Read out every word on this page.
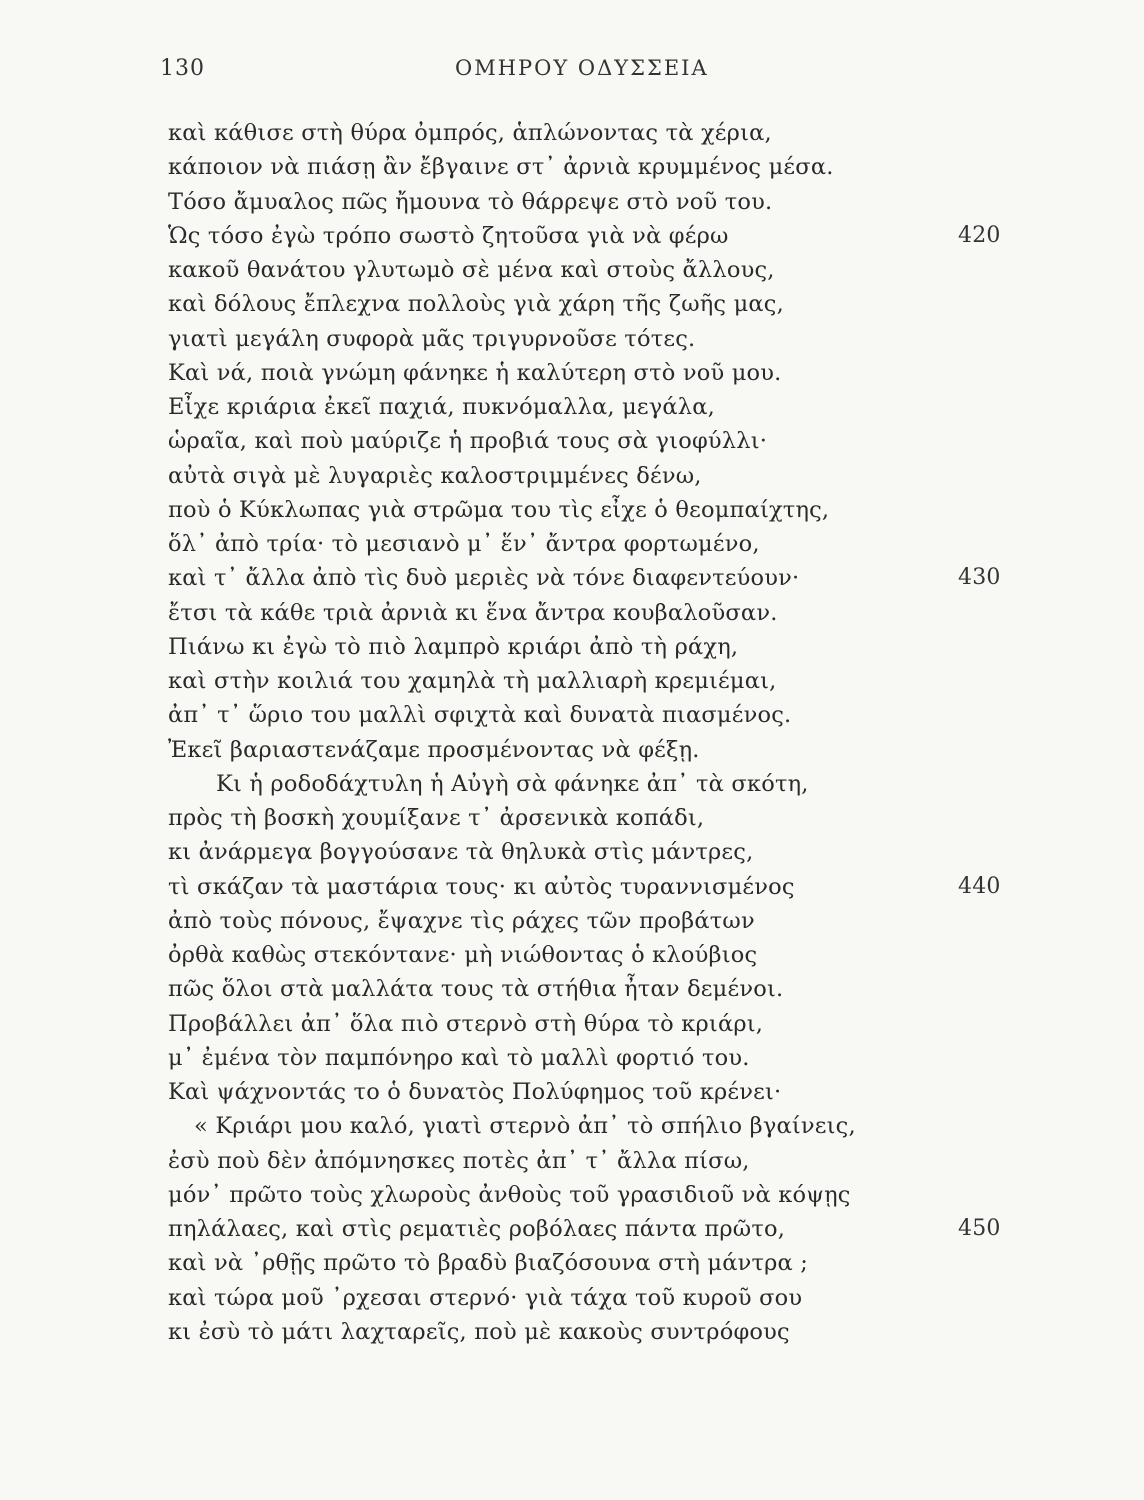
130	ΟΜΗΡΟΥ ΟΔΥΣΣΕΙΑ
καὶ κάθισε στὴ θύρα ὀμπρός, ἁπλώνοντας τὰ χέρια,
κάποιον νὰ πιάσῃ ἂν ἔβγαινε στ᾿ ἀρνιὰ κρυμμένος μέσα.
Τόσο ἄμυαλος πῶς ἤμουνα τὸ θάρρεψε στὸ νοῦ του.
Ὡς τόσο ἐγὼ τρόπο σωστὸ ζητοῦσα γιὰ νὰ φέρω	420
κακοῦ θανάτου γλυτωμὸ σὲ μένα καὶ στοὺς ἄλλους,
καὶ δόλους ἔπλεχνα πολλοὺς γιὰ χάρη τῆς ζωῆς μας,
γιατὶ μεγάλη συφορὰ μᾶς τριγυρνοῦσε τότες.
Καὶ νά, ποιὰ γνώμη φάνηκε ἡ καλύτερη στὸ νοῦ μου.
Εἶχε κριάρια ἐκεῖ παχιά, πυκνόμαλλα, μεγάλα,
ὡραῖα, καὶ ποὺ μαύριζε ἡ προβιά τους σὰ γιοφύλλι·
αὐτὰ σιγὰ μὲ λυγαριὲς καλοστριμμένες δένω,
ποὺ ὁ Κύκλωπας γιὰ στρῶμα του τὶς εἶχε ὁ θεομπαίχτης,
ὅλ᾿ ἀπὸ τρία· τὸ μεσιανὸ μ᾿ ἕν᾿ ἄντρα φορτωμένο,
καὶ τ᾿ ἄλλα ἀπὸ τὶς δυὸ μεριὲς νὰ τόνε διαφεντεύουν·	430
ἔτσι τὰ κάθε τριὰ ἀρνιὰ κι ἕνα ἄντρα κουβαλοῦσαν.
Πιάνω κι ἐγὼ τὸ πιὸ λαμπρὸ κριάρι ἀπὸ τὴ ράχη,
καὶ στὴν κοιλιά του χαμηλὰ τὴ μαλλιαρὴ κρεμιέμαι,
ἀπ᾿ τ᾿ ὥριο του μαλλὶ σφιχτὰ καὶ δυνατὰ πιασμένος.
Ἐκεῖ βαριαστενάζαμε προσμένοντας νὰ φέξῃ.
Κι ἡ ροδοδάχτυλη ἡ Αὐγὴ σὰ φάνηκε ἀπ᾿ τὰ σκότη,
πρὸς τὴ βοσκὴ χουμίξανε τ᾿ ἀρσενικὰ κοπάδι,
κι ἀνάρμεγα βογγούσανε τὰ θηλυκὰ στὶς μάντρες,
τὶ σκάζαν τὰ μαστάρια τους· κι αὐτὸς τυραννισμένος	440
ἀπὸ τοὺς πόνους, ἔψαχνε τὶς ράχες τῶν προβάτων
ὀρθὰ καθὼς στεκόντανε· μὴ νιώθοντας ὁ κλούβιος
πῶς ὅλοι στὰ μαλλάτα τους τὰ στήθια ἦταν δεμένοι.
Προβάλλει ἀπ᾿ ὅλα πιὸ στερνὸ στὴ θύρα τὸ κριάρι,
μ᾿ ἐμένα τὸν παμπόνηρο καὶ τὸ μαλλὶ φορτιό του.
Καὶ ψάχνοντάς το ὁ δυνατὸς Πολύφημος τοῦ κρένει·
« Κριάρι μου καλό, γιατὶ στερνὸ ἀπ᾿ τὸ σπήλιο βγαίνεις,
ἐσὺ ποὺ δὲν ἀπόμνησκες ποτὲς ἀπ᾿ τ᾿ ἄλλα πίσω,
μόν᾿ πρῶτο τοὺς χλωροὺς ἀνθοὺς τοῦ γρασιδιοῦ νὰ κόψῃς
πηλάλαες, καὶ στὶς ρεματιὲς ροβόλαες πάντα πρῶτο,	450
καὶ νὰ ᾿ρθῇς πρῶτο τὸ βραδὺ βιαζόσουνα στὴ μάντρα ;
καὶ τώρα μοῦ ᾿ρχεσαι στερνό· γιὰ τάχα τοῦ κυροῦ σου
κι ἐσὺ τὸ μάτι λαχταρεῖς, ποὺ μὲ κακοὺς συντρόφους
